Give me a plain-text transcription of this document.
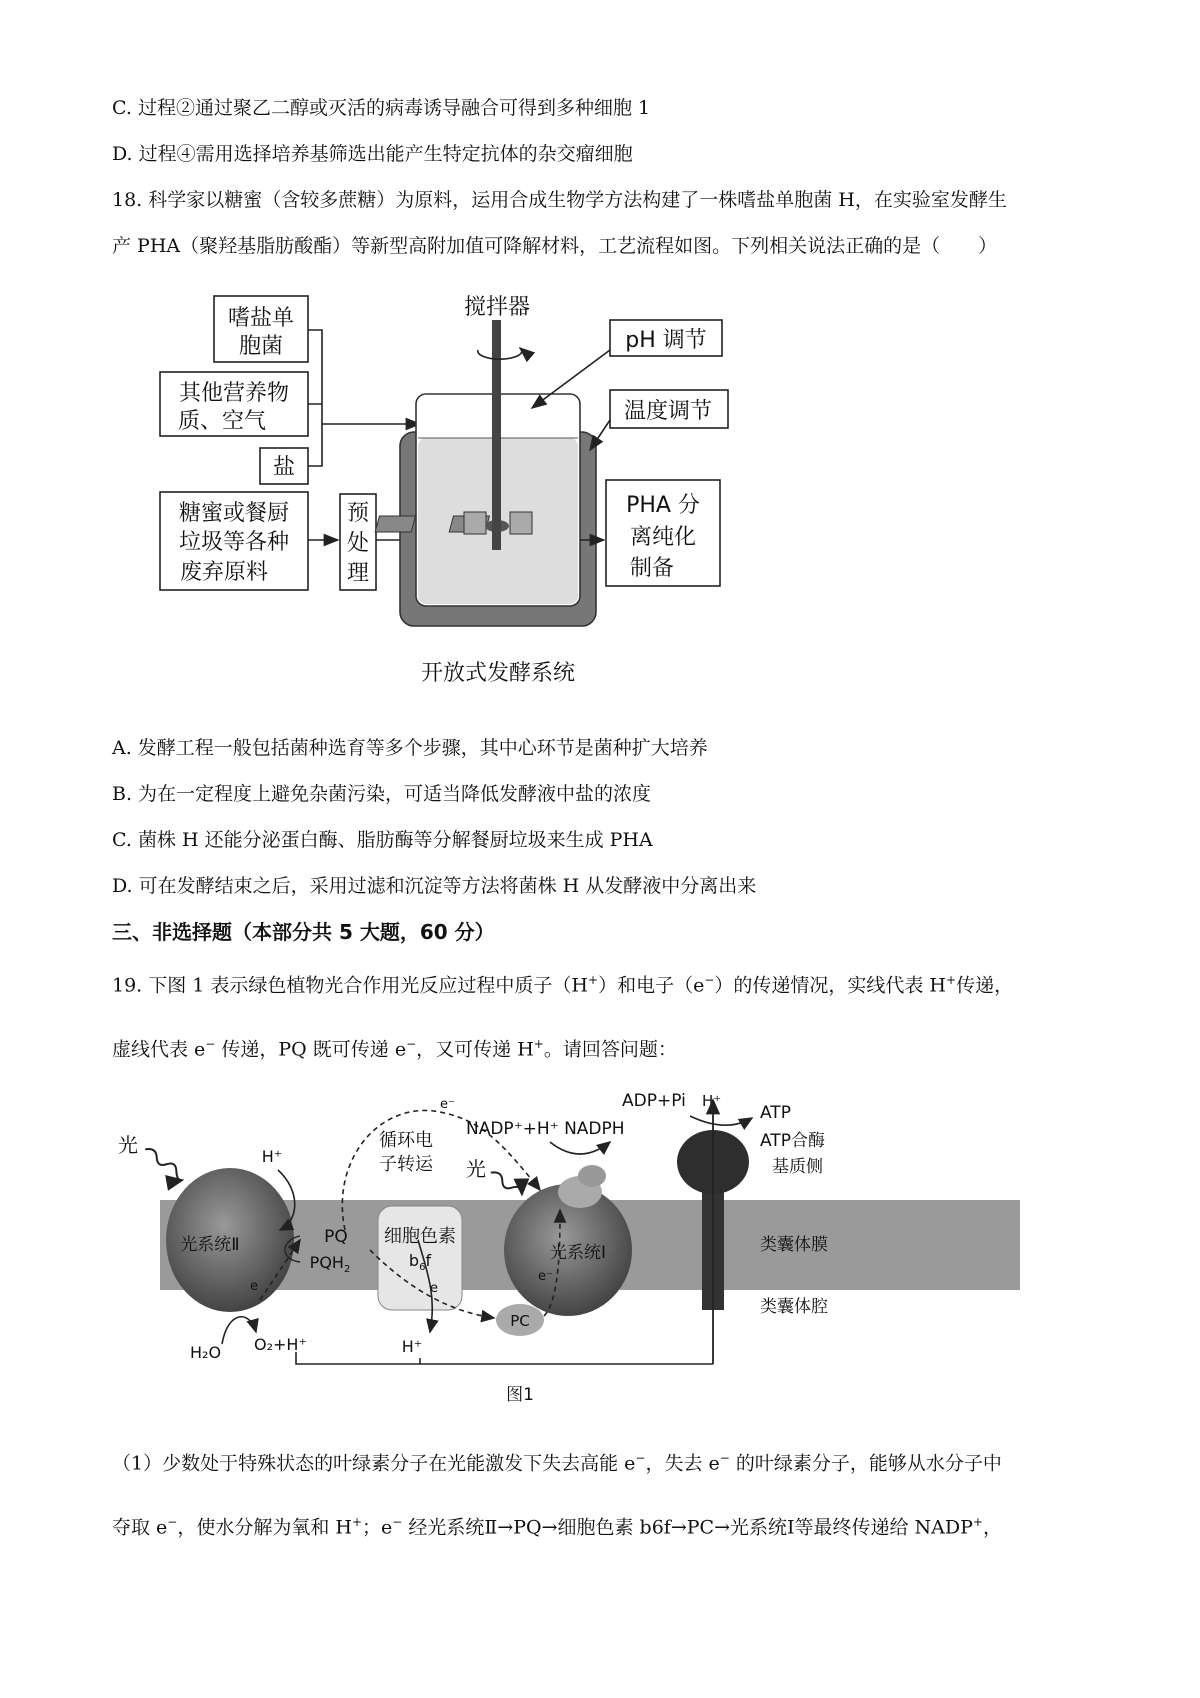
C. 过程②通过聚乙二醇或灭活的病毒诱导融合可得到多种细胞 1
D. 过程④需用选择培养基筛选出能产生特定抗体的杂交瘤细胞
18. 科学家以糖蜜（含较多蔗糖）为原料，运用合成生物学方法构建了一株嗜盐单胞菌 H，在实验室发酵生
产 PHA（聚羟基脂肪酸酯）等新型高附加值可降解材料，工艺流程如图。下列相关说法正确的是（　　）
嗜盐单
胞菌
其他营养物
质、空气
盐
糖蜜或餐厨
垃圾等各种
废弃原料
预
处
理
搅拌器
pH 调节
温度调节
PHA 分
离纯化
制备
开放式发酵系统
A. 发酵工程一般包括菌种选育等多个步骤，其中心环节是菌种扩大培养
B. 为在一定程度上避免杂菌污染，可适当降低发酵液中盐的浓度
C. 菌株 H 还能分泌蛋白酶、脂肪酶等分解餐厨垃圾来生成 PHA
D. 可在发酵结束之后，采用过滤和沉淀等方法将菌株 H 从发酵液中分离出来
三、非选择题（本部分共 5 大题，60 分）
19. 下图 1 表示绿色植物光合作用光反应过程中质子（H+）和电子（e−）的传递情况，实线代表 H+传递，
虚线代表 e− 传递，PQ 既可传递 e−，又可传递 H+。请回答问题：
光系统Ⅱ	细胞色素
$b_6f$	光系统Ⅰ
PC
光
光
H⁺
PQ
$PQH_2$
循环电
子转运
e⁻
e	e
e⁻
NADP⁺+H⁺ NADPH
ADP+Pi H⁺
ATP
ATP合酶
基质侧
类囊体膜
类囊体腔
H₂O O₂+H⁺	H⁺
图1
（1）少数处于特殊状态的叶绿素分子在光能激发下失去高能 e−，失去 e− 的叶绿素分子，能够从水分子中
夺取 e−，使水分解为氧和 H+；e− 经光系统Ⅱ→PQ→细胞色素 b6f→PC→光系统Ⅰ等最终传递给 NADP+，
